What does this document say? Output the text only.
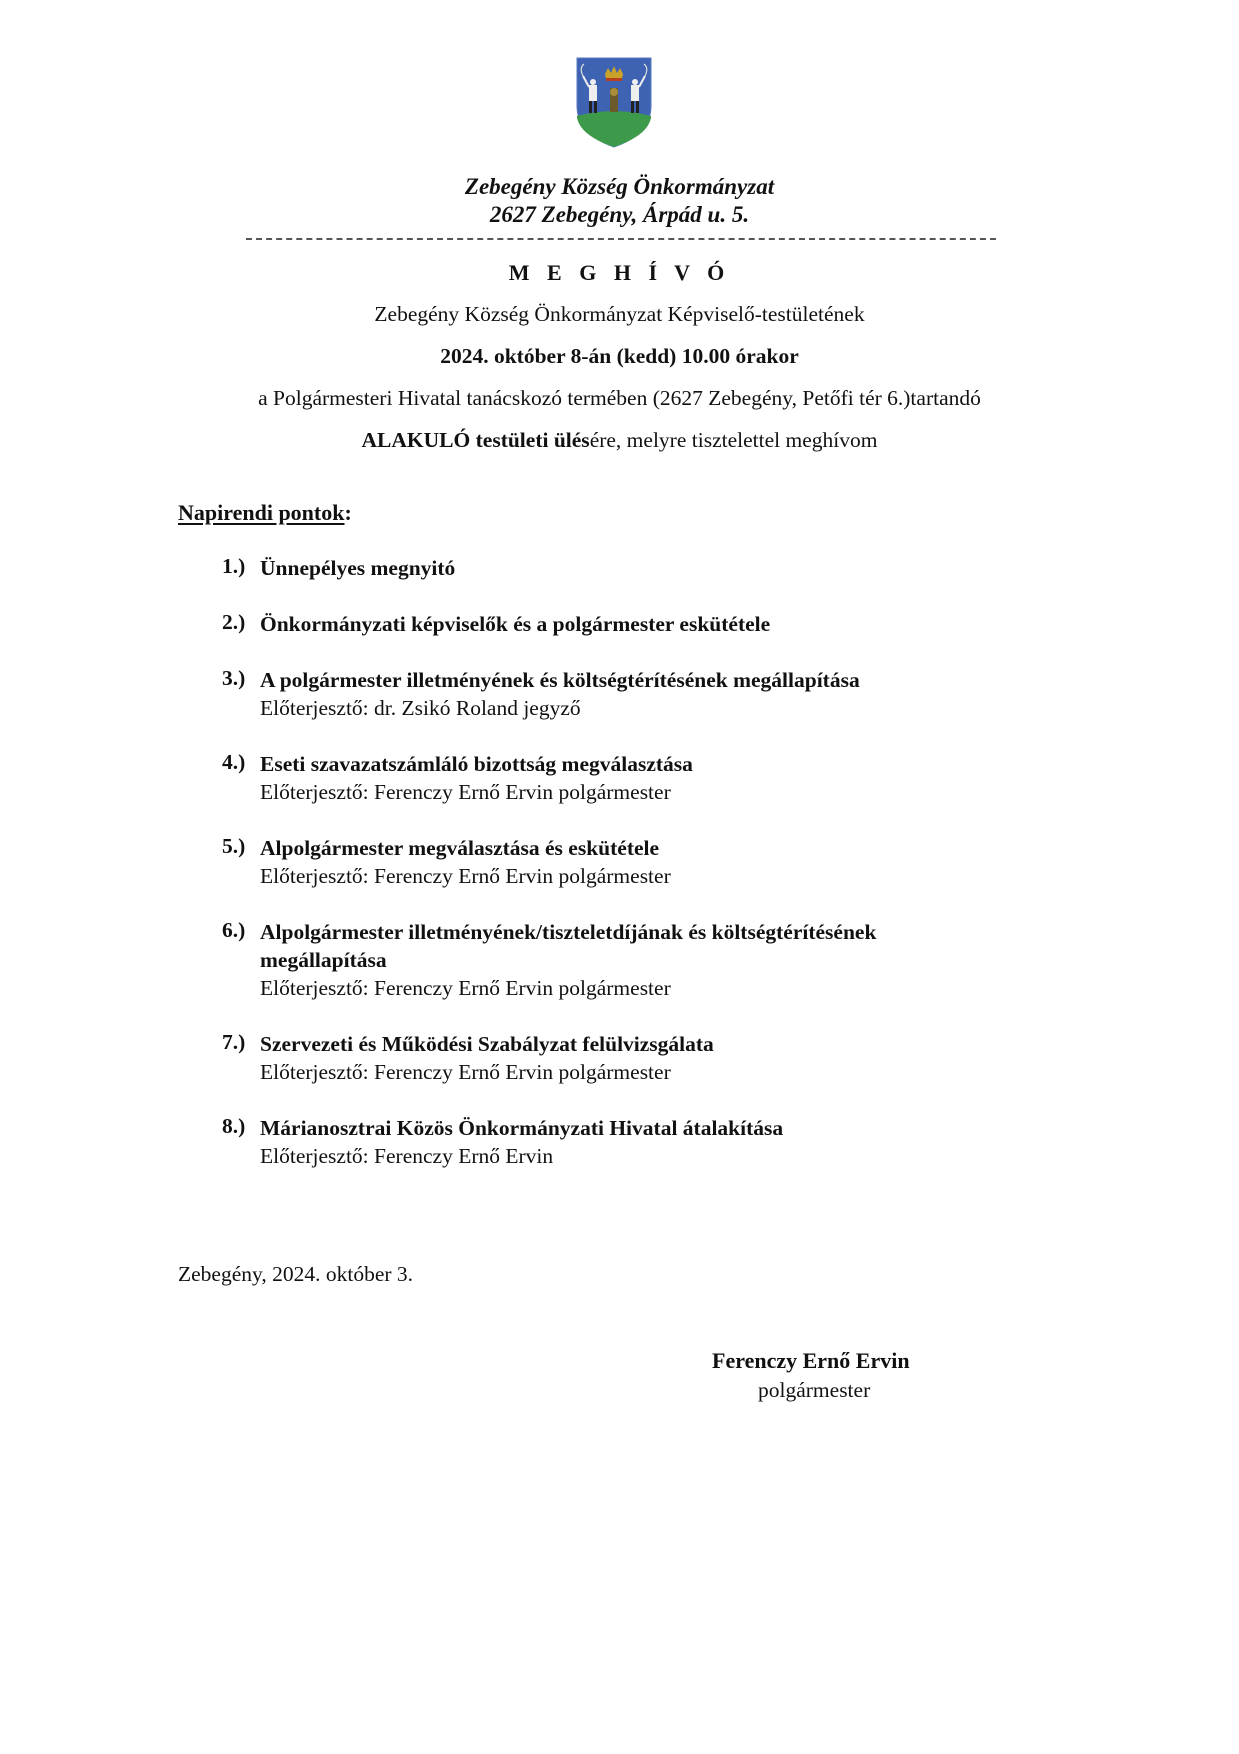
Zebegény Község Önkormányzat
2627 Zebegény, Árpád u. 5.
M E G H Í V Ó
Zebegény Község Önkormányzat Képviselő-testületének
2024. október 8-án (kedd) 10.00 órakor
a Polgármesteri Hivatal tanácskozó termében (2627 Zebegény, Petőfi tér 6.)tartandó
ALAKULÓ testületi ülésére, melyre tisztelettel meghívom
Napirendi pontok:
1.) Ünnepélyes megnyitó
2.) Önkormányzati képviselők és a polgármester eskütétele
3.) A polgármester illetményének és költségtérítésének megállapítása
Előterjesztő: dr. Zsikó Roland jegyző
4.) Eseti szavazatszámláló bizottság megválasztása
Előterjesztő: Ferenczy Ernő Ervin polgármester
5.) Alpolgármester megválasztása és eskütétele
Előterjesztő: Ferenczy Ernő Ervin polgármester
6.) Alpolgármester illetményének/tiszteletdíjának és költségtérítésének megállapítása
Előterjesztő: Ferenczy Ernő Ervin polgármester
7.) Szervezeti és Működési Szabályzat felülvizsgálata
Előterjesztő: Ferenczy Ernő Ervin polgármester
8.) Márianosztrai Közös Önkormányzati Hivatal átalakítása
Előterjesztő: Ferenczy Ernő Ervin
Zebegény, 2024. október 3.
Ferenczy Ernő Ervin
polgármester
